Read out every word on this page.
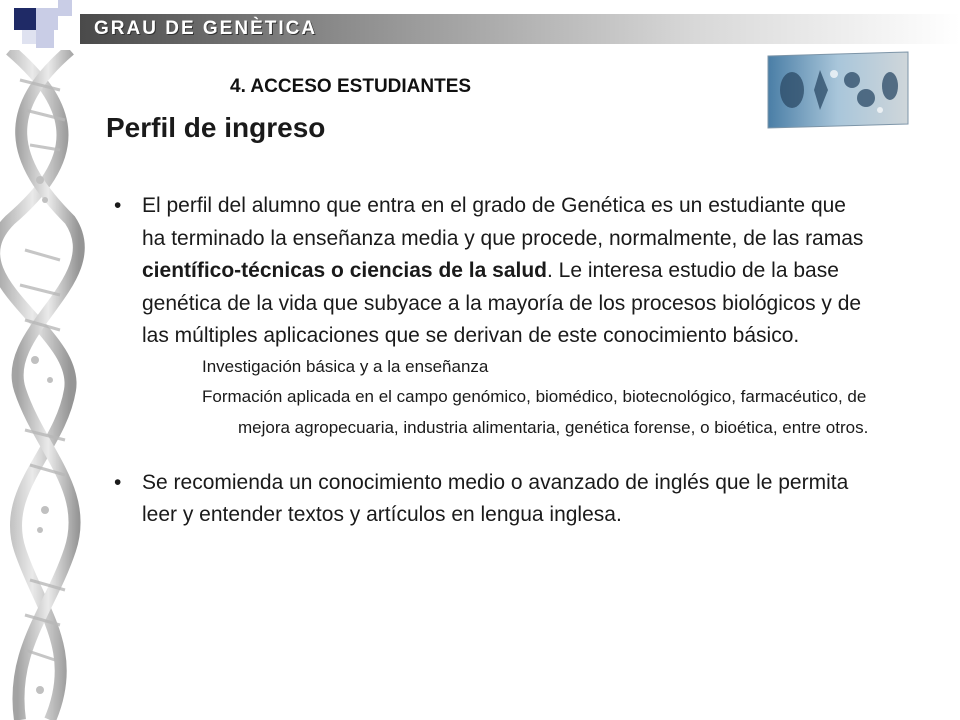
GRAU DE GENÈTICA
4. ACCESO ESTUDIANTES
Perfil de ingreso
• El perfil del alumno que entra en el grado de Genética es un estudiante que ha terminado la enseñanza media y que procede, normalmente, de las ramas científico-técnicas o ciencias de la salud. Le interesa estudio de la base genética de la vida que subyace a la mayoría de los procesos biológicos y de las múltiples aplicaciones que se derivan de este conocimiento básico.
Investigación básica y a la enseñanza
Formación aplicada en el campo genómico, biomédico, biotecnológico, farmacéutico, de mejora agropecuaria, industria alimentaria, genética forense, o bioética, entre otros.
• Se recomienda un conocimiento medio o avanzado de inglés que le permita leer y entender textos y artículos en lengua inglesa.
